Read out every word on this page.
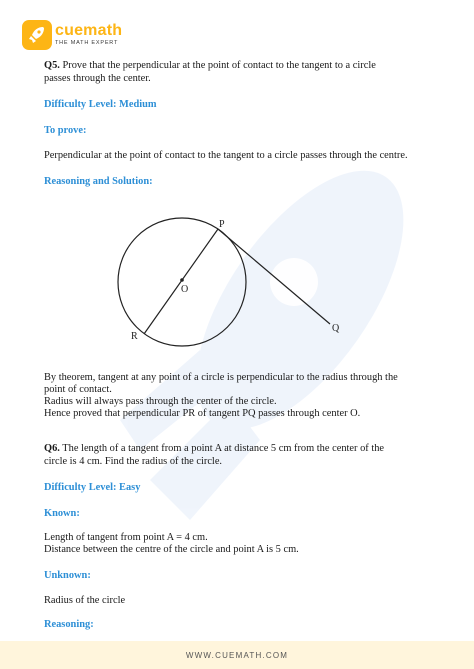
cuemath
THE MATH EXPERT

Q5. Prove that the perpendicular at the point of contact to the tangent to a circle

passes through the center.

Difficulty Level: Medium

To prove:

Perpendicular at the point of contact to the tangent to a circle passes through the centre.

Reasoning and Solution:

By theorem, tangent at any point of a circle is perpendicular to the radius through the

point of contact.

Radius will always pass through the center of the circle.

Hence proved that perpendicular PR of tangent PQ passes through center O.

Q6. The length of a tangent from a point A at distance 5 cm from the center of the

circle is 4 cm. Find the radius of the circle.

Difficulty Level: Easy

Known:

Length of tangent from point A = 4 cm.

Distance between the centre of the circle and point A is 5 cm.

Unknown:

Radius of the circle

Reasoning:

P
O
R
Q
WWW.CUEMATH.COM
